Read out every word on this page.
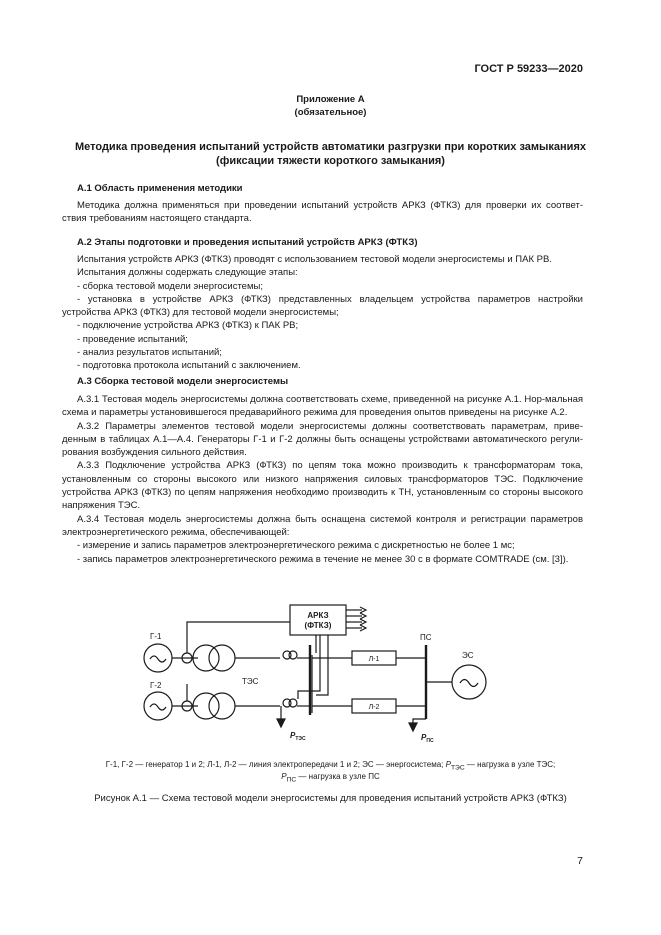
ГОСТ Р 59233—2020
Приложение А
(обязательное)
Методика проведения испытаний устройств автоматики разгрузки при коротких замыканиях
(фиксации тяжести короткого замыкания)
А.1 Область применения методики

Методика должна применяться при проведении испытаний устройств АРКЗ (ФТКЗ) для проверки их соответ-ствия требованиям настоящего стандарта.

А.2 Этапы подготовки и проведения испытаний устройств АРКЗ (ФТКЗ)

Испытания устройств АРКЗ (ФТКЗ) проводят с использованием тестовой модели энергосистемы и ПАК РВ.

Испытания должны содержать следующие этапы:

- сборка тестовой модели энергосистемы;

- установка в устройстве АРКЗ (ФТКЗ) представленных владельцем устройства параметров настройки устройства АРКЗ (ФТКЗ) для тестовой модели энергосистемы;

- подключение устройства АРКЗ (ФТКЗ) к ПАК РВ;

- проведение испытаний;

- анализ результатов испытаний;

- подготовка протокола испытаний с заключением.

А.3 Сборка тестовой модели энергосистемы

А.3.1 Тестовая модель энергосистемы должна соответствовать схеме, приведенной на рисунке А.1. Нор-мальная схема и параметры установившегося предаварийного режима для проведения опытов приведены на рисунке А.2.

А.3.2 Параметры элементов тестовой модели энергосистемы должны соответствовать параметрам, приве-денным в таблицах А.1—А.4. Генераторы Г-1 и Г-2 должны быть оснащены устройствами автоматического регули-рования возбуждения сильного действия.

А.3.3 Подключение устройства АРКЗ (ФТКЗ) по цепям тока можно производить к трансформаторам тока, установленным со стороны высокого или низкого напряжения силовых трансформаторов ТЭС. Подключение устройства АРКЗ (ФТКЗ) по цепям напряжения необходимо производить к ТН, установленным со стороны высокого напряжения ТЭС.

А.3.4 Тестовая модель энергосистемы должна быть оснащена системой контроля и регистрации параметров электроэнергетического режима, обеспечивающей:

- измерение и запись параметров электроэнергетического режима с дискретностью не более 1 мс;

- запись параметров электроэнергетического режима в течение не менее 30 с в формате COMTRADE (см. [3]).

АРКЗ
(ФТКЗ)
Г-1
Г-2	ТЭС
ПС
ЭС
Л-1
Л-2
$P_{ТЭС}$	$P_{ПС}$
Г-1, Г-2 — генератор 1 и 2; Л-1, Л-2 — линия электропередачи 1 и 2; ЭС — энергосистема; $P_{ТЭС}$ — нагрузка в узле ТЭС;
$P_{ПС}$ — нагрузка в узле ПС
Рисунок А.1 — Схема тестовой модели энергосистемы для проведения испытаний устройств АРКЗ (ФТКЗ)
7
